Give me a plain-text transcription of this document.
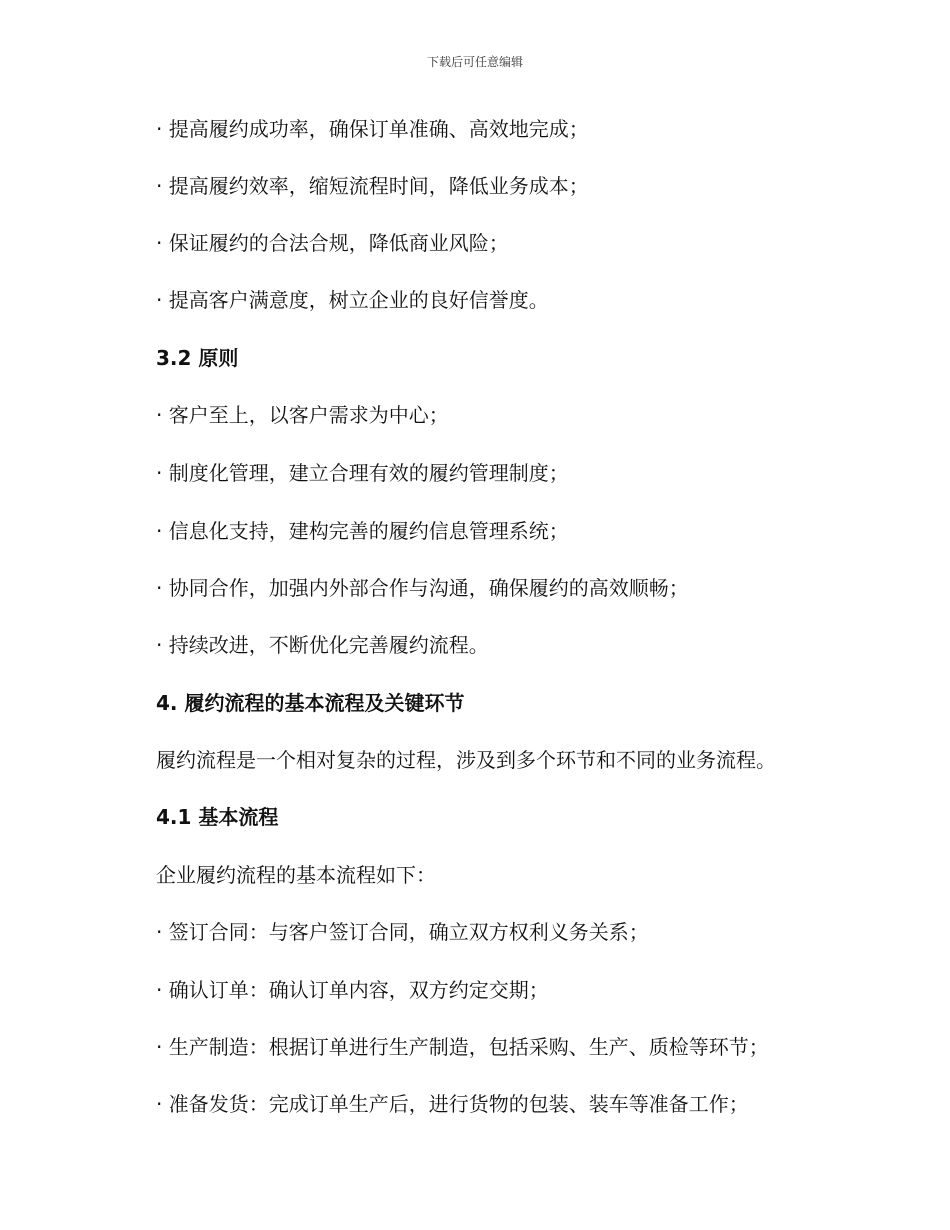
下载后可任意编辑
· 提高履约成功率，确保订单准确、高效地完成；
· 提高履约效率，缩短流程时间，降低业务成本；
· 保证履约的合法合规，降低商业风险；
· 提高客户满意度，树立企业的良好信誉度。
3.2 原则
· 客户至上，以客户需求为中心；
· 制度化管理，建立合理有效的履约管理制度；
· 信息化支持，建构完善的履约信息管理系统；
· 协同合作，加强内外部合作与沟通，确保履约的高效顺畅；
· 持续改进，不断优化完善履约流程。
4. 履约流程的基本流程及关键环节
履约流程是一个相对复杂的过程，涉及到多个环节和不同的业务流程。
4.1 基本流程
企业履约流程的基本流程如下：
· 签订合同：与客户签订合同，确立双方权利义务关系；
· 确认订单：确认订单内容，双方约定交期；
· 生产制造：根据订单进行生产制造，包括采购、生产、质检等环节；
· 准备发货：完成订单生产后，进行货物的包装、装车等准备工作；
